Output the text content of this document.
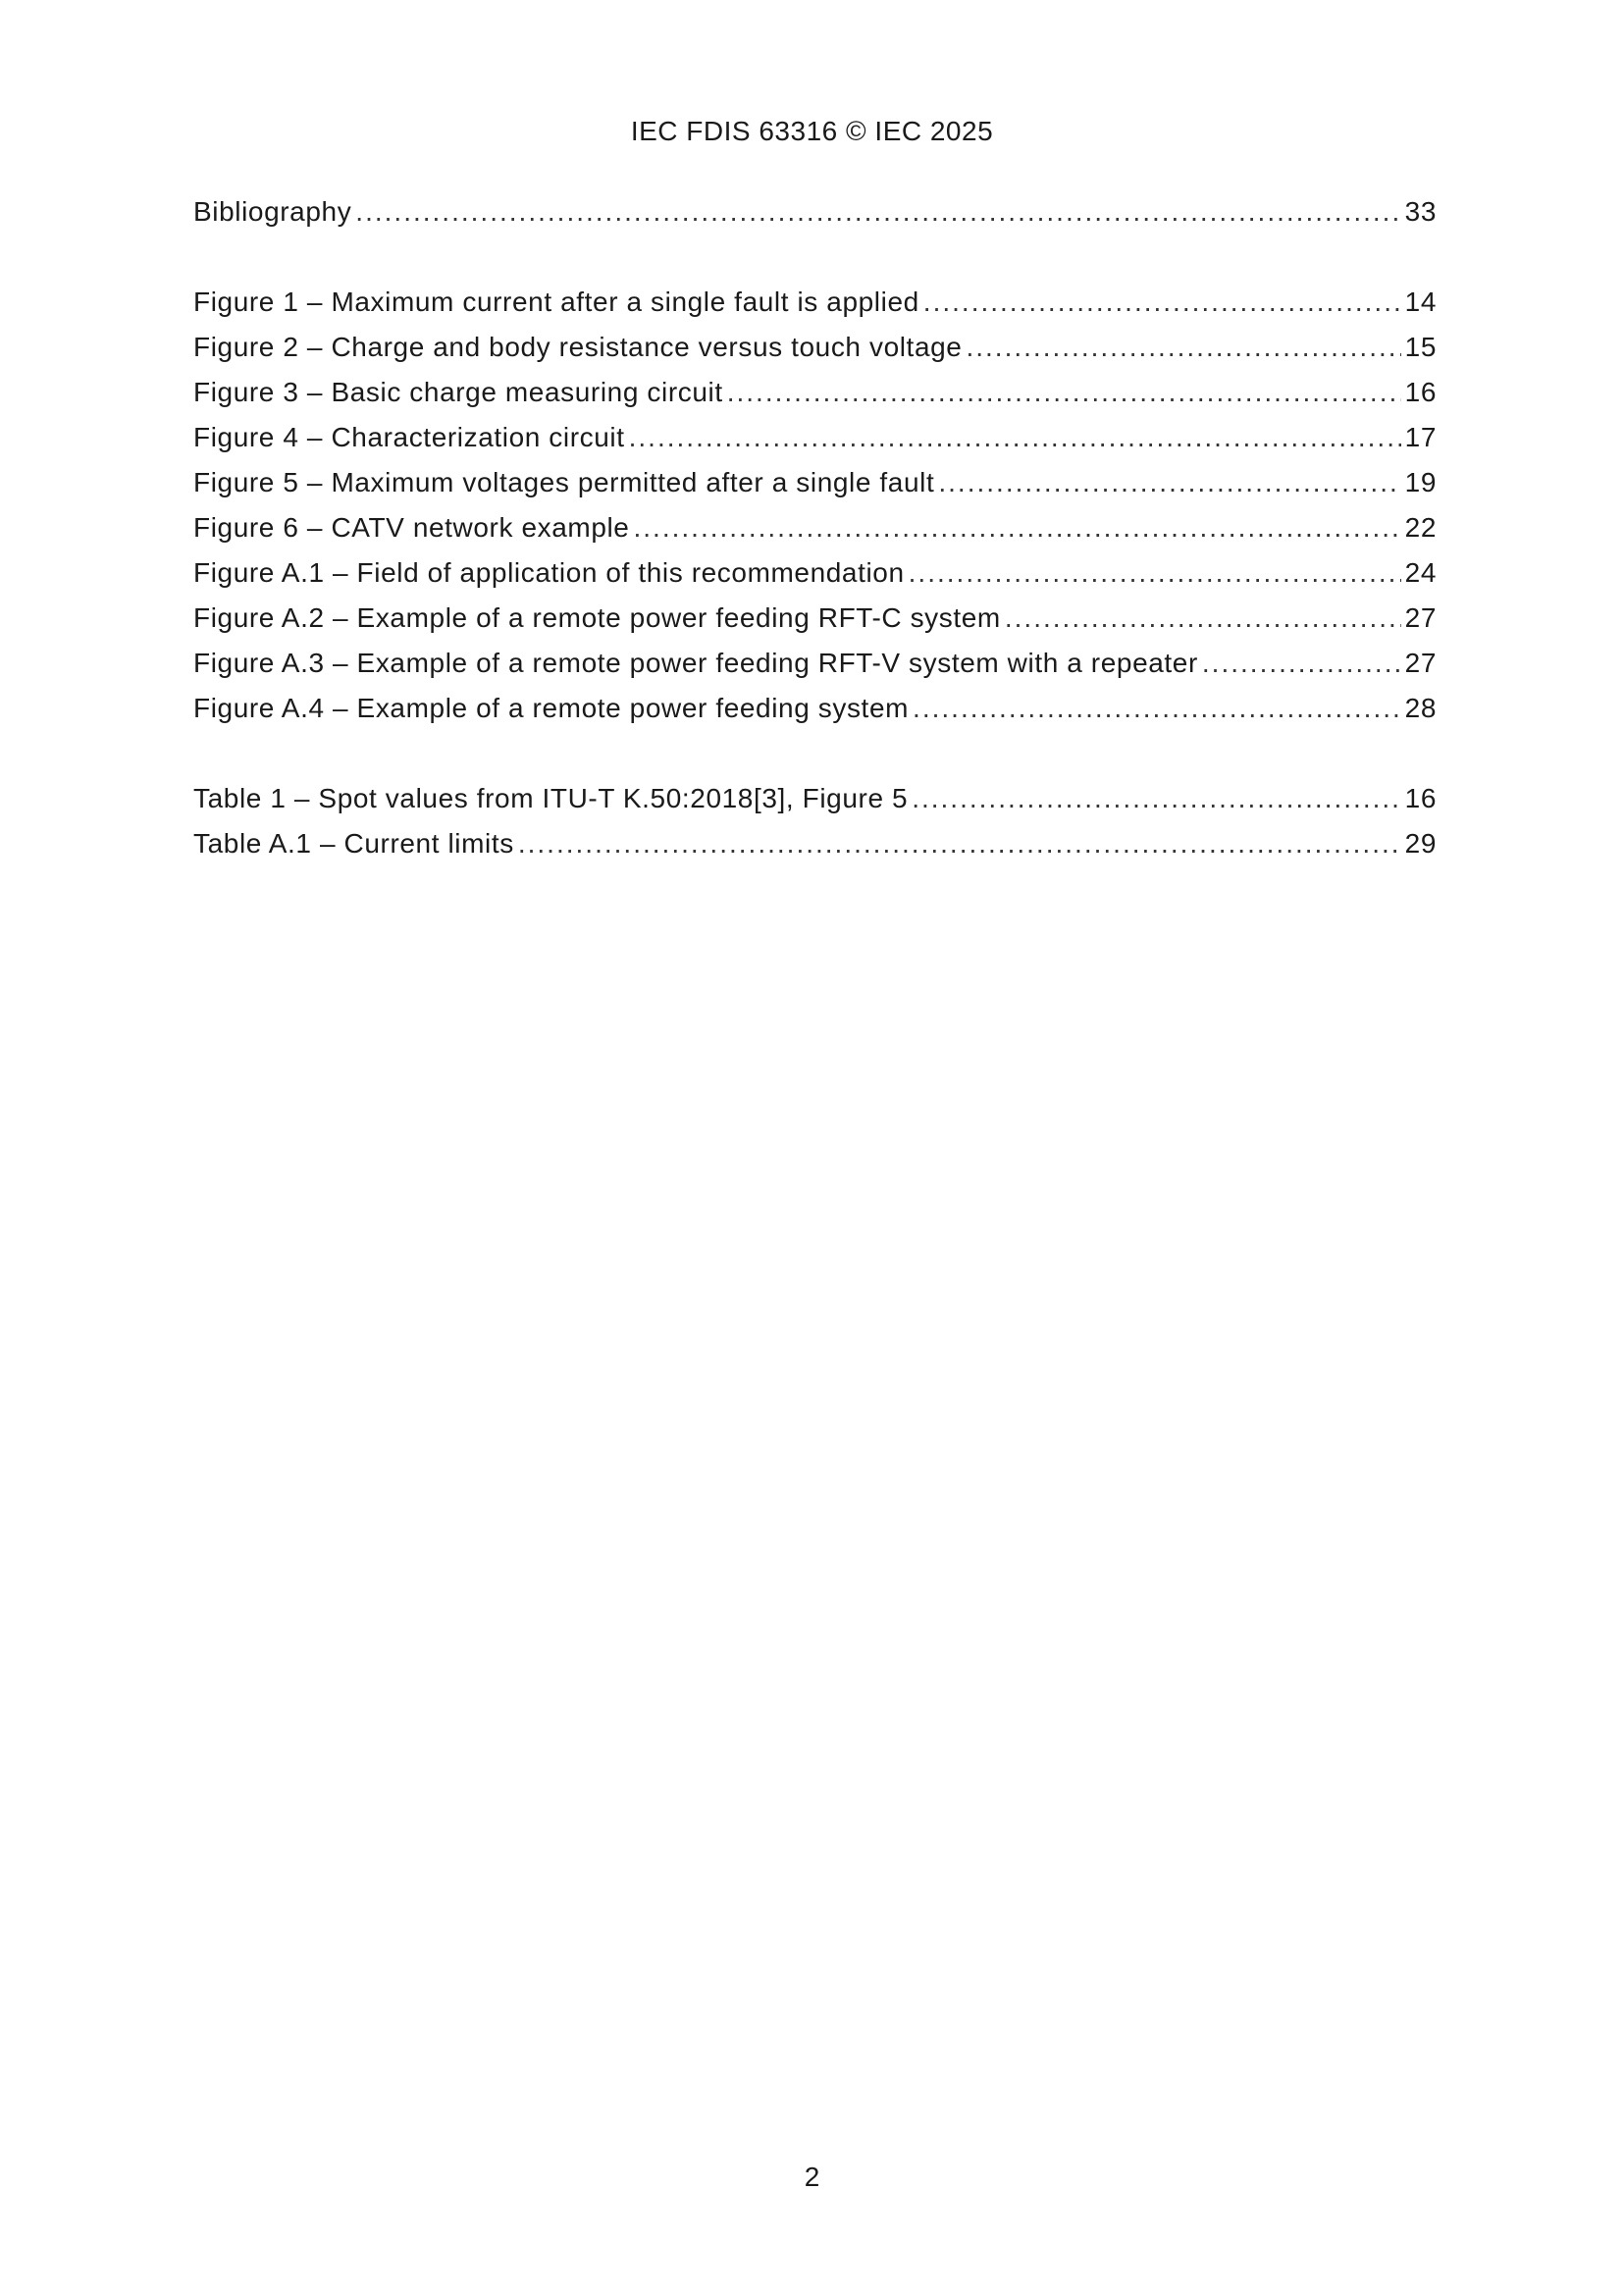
IEC FDIS 63316 © IEC 2025
Bibliography .....	33
Figure 1 – Maximum current after a single fault is applied .....	14
Figure 2 – Charge and body resistance versus touch voltage .....	15
Figure 3 – Basic charge measuring circuit .....	16
Figure 4 – Characterization circuit .....	17
Figure 5 – Maximum voltages permitted after a single fault .....	19
Figure 6 – CATV network example .....	22
Figure A.1 – Field of application of this recommendation .....	24
Figure A.2 – Example of a remote power feeding RFT-C system .....	27
Figure A.3 – Example of a remote power feeding RFT-V system with a repeater .....	27
Figure A.4 – Example of a remote power feeding system .....	28
Table 1 – Spot values from ITU-T K.50:2018[3], Figure 5 .....	16
Table A.1 – Current limits .....	29
2
